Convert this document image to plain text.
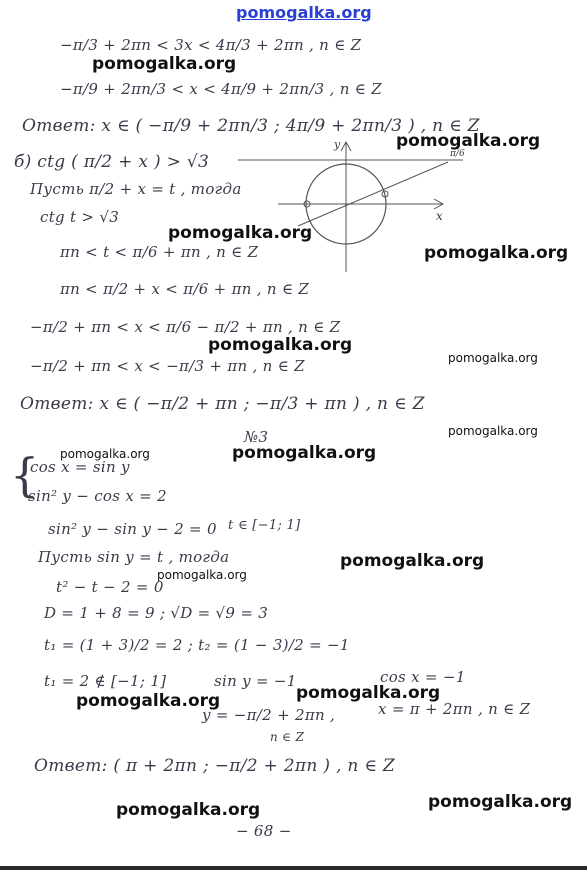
pomogalka.org
pomogalka.org
pomogalka.org
pomogalka.org
pomogalka.org
pomogalka.org
pomogalka.org
pomogalka.org
pomogalka.org	pomogalka.org
pomogalka.org
pomogalka.org
pomogalka.org
pomogalka.org
pomogalka.org
pomogalka.org
−π/3 + 2πn < 3x < 4π/3 + 2πn , n ∈ Z
−π/9 + 2πn/3 < x < 4π/9 + 2πn/3 , n ∈ Z
Ответ: x ∈ ( −π/9 + 2πn/3 ; 4π/9 + 2πn/3 ) , n ∈ Z
б) ctg ( π/2 + x ) > √3
Пусть π/2 + x = t , тогда
ctg t > √3
πn < t < π/6 + πn , n ∈ Z
πn < π/2 + x < π/6 + πn , n ∈ Z
−π/2 + πn < x < π/6 − π/2 + πn , n ∈ Z
−π/2 + πn < x < −π/3 + πn , n ∈ Z
Ответ: x ∈ ( −π/2 + πn ; −π/3 + πn ) , n ∈ Z
№3
{
cos x = sin y
sin² y − cos x = 2
sin² y − sin y − 2 = 0 t ∈ [−1; 1]
Пусть sin y = t , тогда
t² − t − 2 = 0
D = 1 + 8 = 9 ; √D = √9 = 3
t₁ = (1 + 3)/2 = 2 ; t₂ = (1 − 3)/2 = −1
t₁ = 2 ∉ [−1; 1]	sin y = −1	cos x = −1
y = −π/2 + 2πn ,	x = π + 2πn , n ∈ Z
n ∈ Z
Ответ: ( π + 2πn ; −π/2 + 2πn ) , n ∈ Z
− 68 −
y
x
π/6
